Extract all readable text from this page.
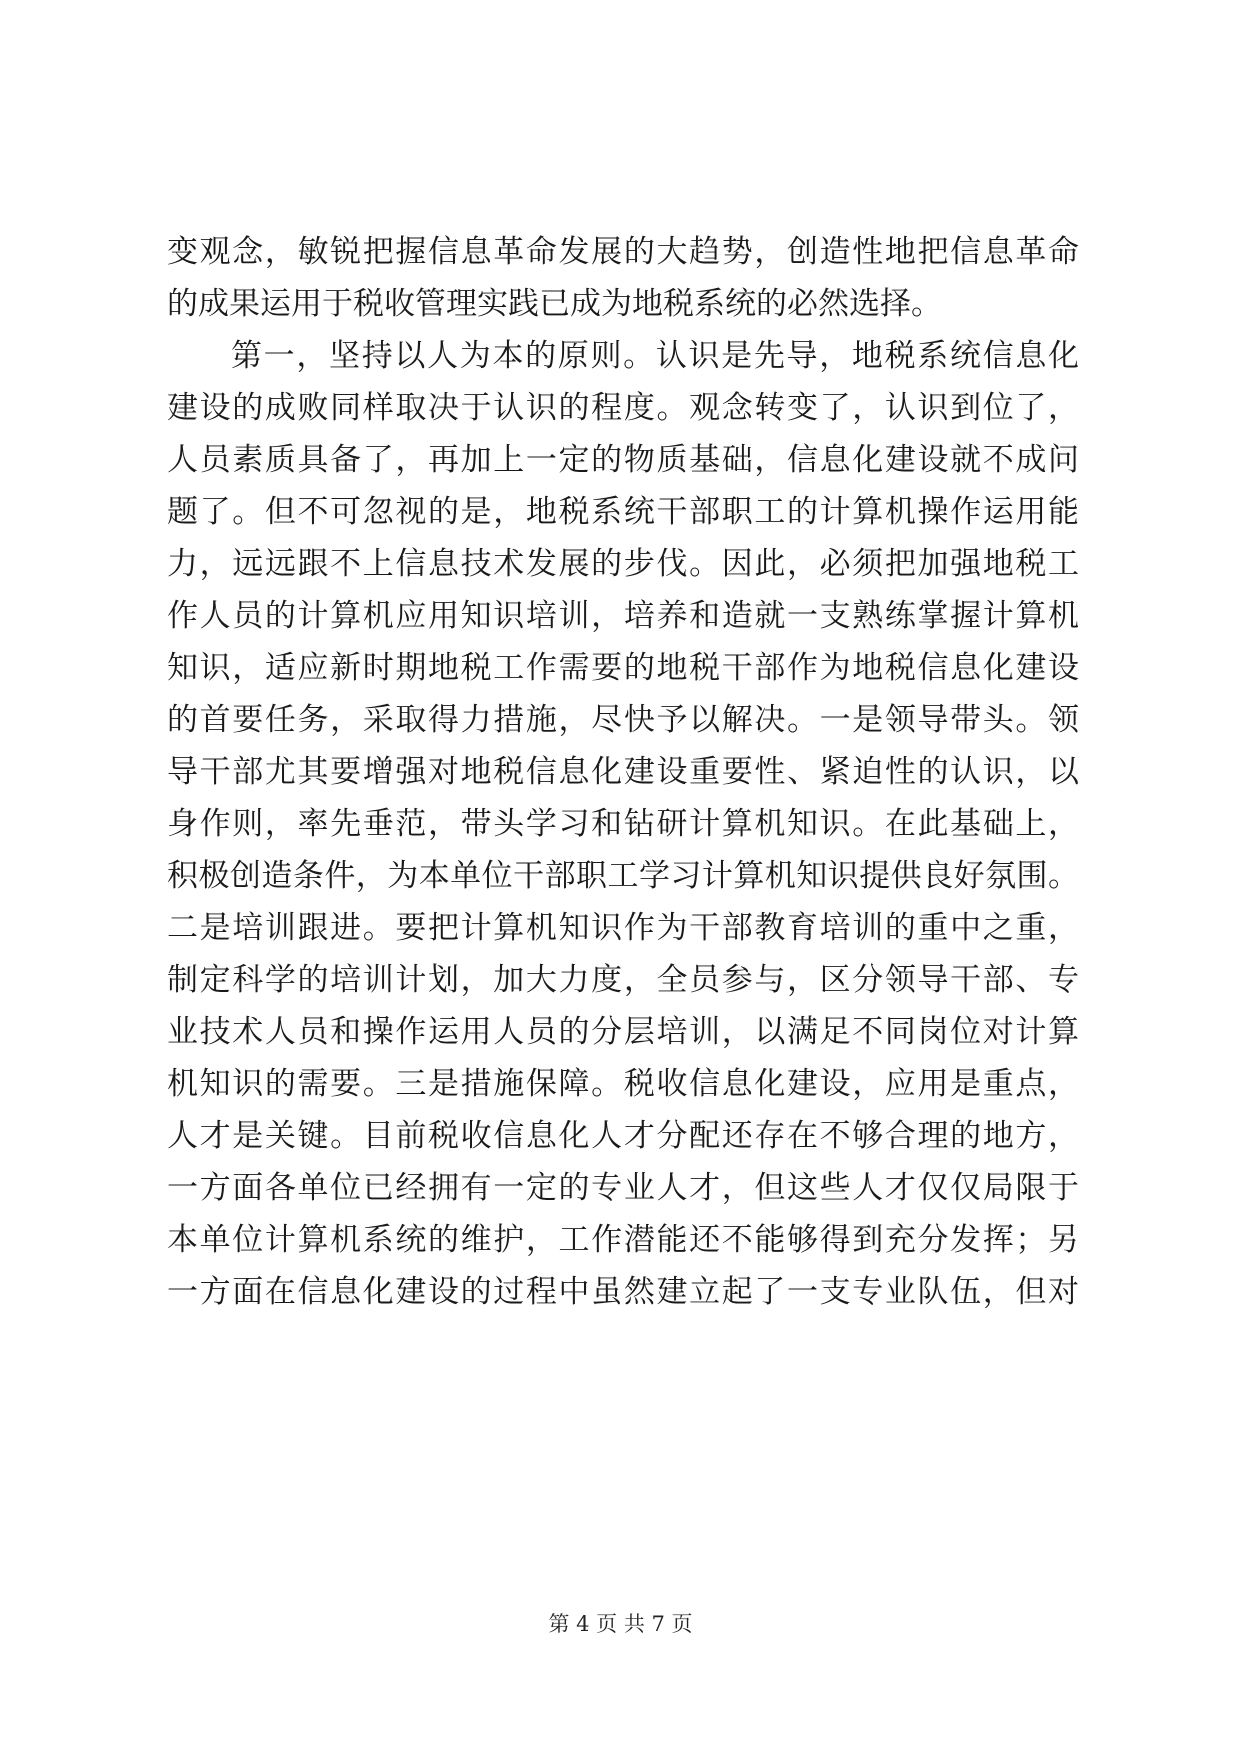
变观念，敏锐把握信息革命发展的大趋势，创造性地把信息革命
的成果运用于税收管理实践已成为地税系统的必然选择。
第一，坚持以人为本的原则。认识是先导，地税系统信息化
建设的成败同样取决于认识的程度。观念转变了，认识到位了，
人员素质具备了，再加上一定的物质基础，信息化建设就不成问
题了。但不可忽视的是，地税系统干部职工的计算机操作运用能
力，远远跟不上信息技术发展的步伐。因此，必须把加强地税工
作人员的计算机应用知识培训，培养和造就一支熟练掌握计算机
知识，适应新时期地税工作需要的地税干部作为地税信息化建设
的首要任务，采取得力措施，尽快予以解决。一是领导带头。领
导干部尤其要增强对地税信息化建设重要性、紧迫性的认识，以
身作则，率先垂范，带头学习和钻研计算机知识。在此基础上，
积极创造条件，为本单位干部职工学习计算机知识提供良好氛围。
二是培训跟进。要把计算机知识作为干部教育培训的重中之重，
制定科学的培训计划，加大力度，全员参与，区分领导干部、专
业技术人员和操作运用人员的分层培训，以满足不同岗位对计算
机知识的需要。三是措施保障。税收信息化建设，应用是重点，
人才是关键。目前税收信息化人才分配还存在不够合理的地方，
一方面各单位已经拥有一定的专业人才，但这些人才仅仅局限于
本单位计算机系统的维护，工作潜能还不能够得到充分发挥；另
一方面在信息化建设的过程中虽然建立起了一支专业队伍，但对
第 4 页 共 7 页
